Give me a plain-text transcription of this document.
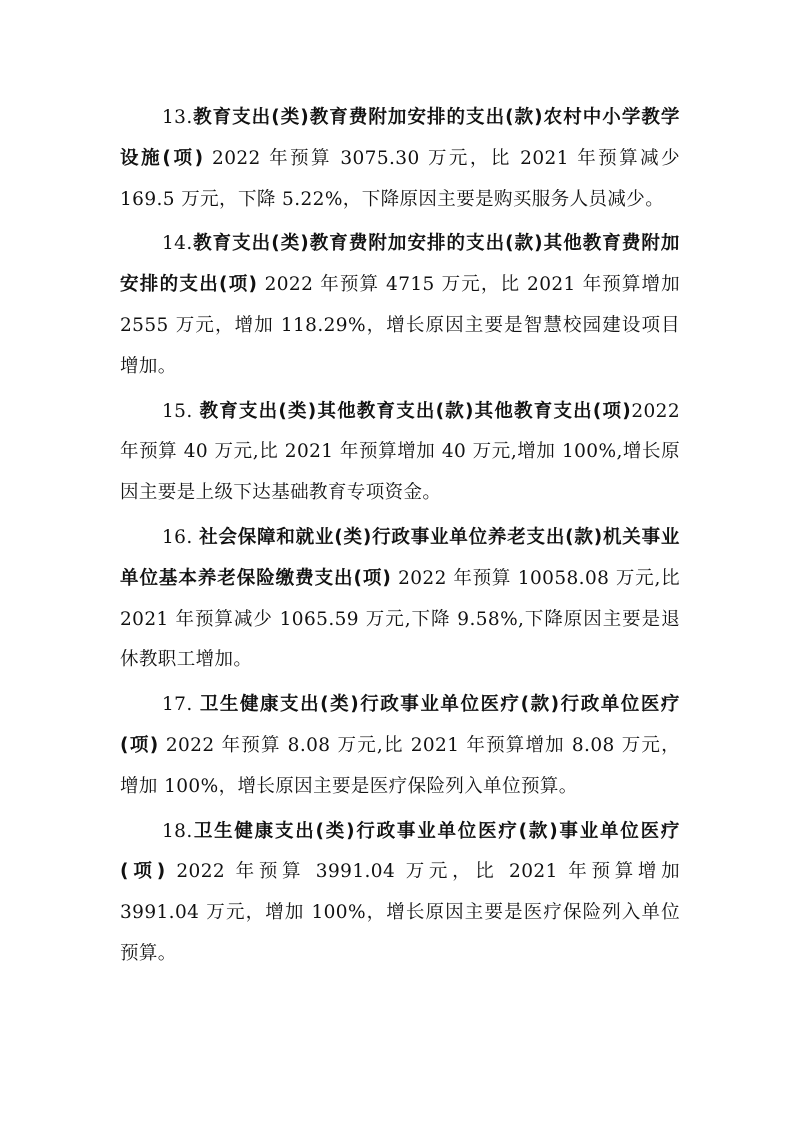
13.教育支出(类)教育费附加安排的支出(款)农村中小学教学设施(项) 2022 年预算 3075.30 万元，比 2021 年预算减少 169.5 万元，下降 5.22%，下降原因主要是购买服务人员减少。

14.教育支出(类)教育费附加安排的支出(款)其他教育费附加安排的支出(项) 2022 年预算 4715 万元，比 2021 年预算增加 2555 万元，增加 118.29%，增长原因主要是智慧校园建设项目增加。

15. 教育支出(类)其他教育支出(款)其他教育支出(项)2022 年预算 40 万元,比 2021 年预算增加 40 万元,增加 100%,增长原因主要是上级下达基础教育专项资金。

16. 社会保障和就业(类)行政事业单位养老支出(款)机关事业单位基本养老保险缴费支出(项) 2022 年预算 10058.08 万元,比 2021 年预算减少 1065.59 万元,下降 9.58%,下降原因主要是退休教职工增加。

17. 卫生健康支出(类)行政事业单位医疗(款)行政单位医疗(项) 2022 年预算 8.08 万元,比 2021 年预算增加 8.08 万元，增加 100%，增长原因主要是医疗保险列入单位预算。

18.卫生健康支出(类)行政事业单位医疗(款)事业单位医疗(项) 2022 年预算 3991.04 万元，比 2021 年预算增加 3991.04 万元，增加 100%，增长原因主要是医疗保险列入单位预算。
